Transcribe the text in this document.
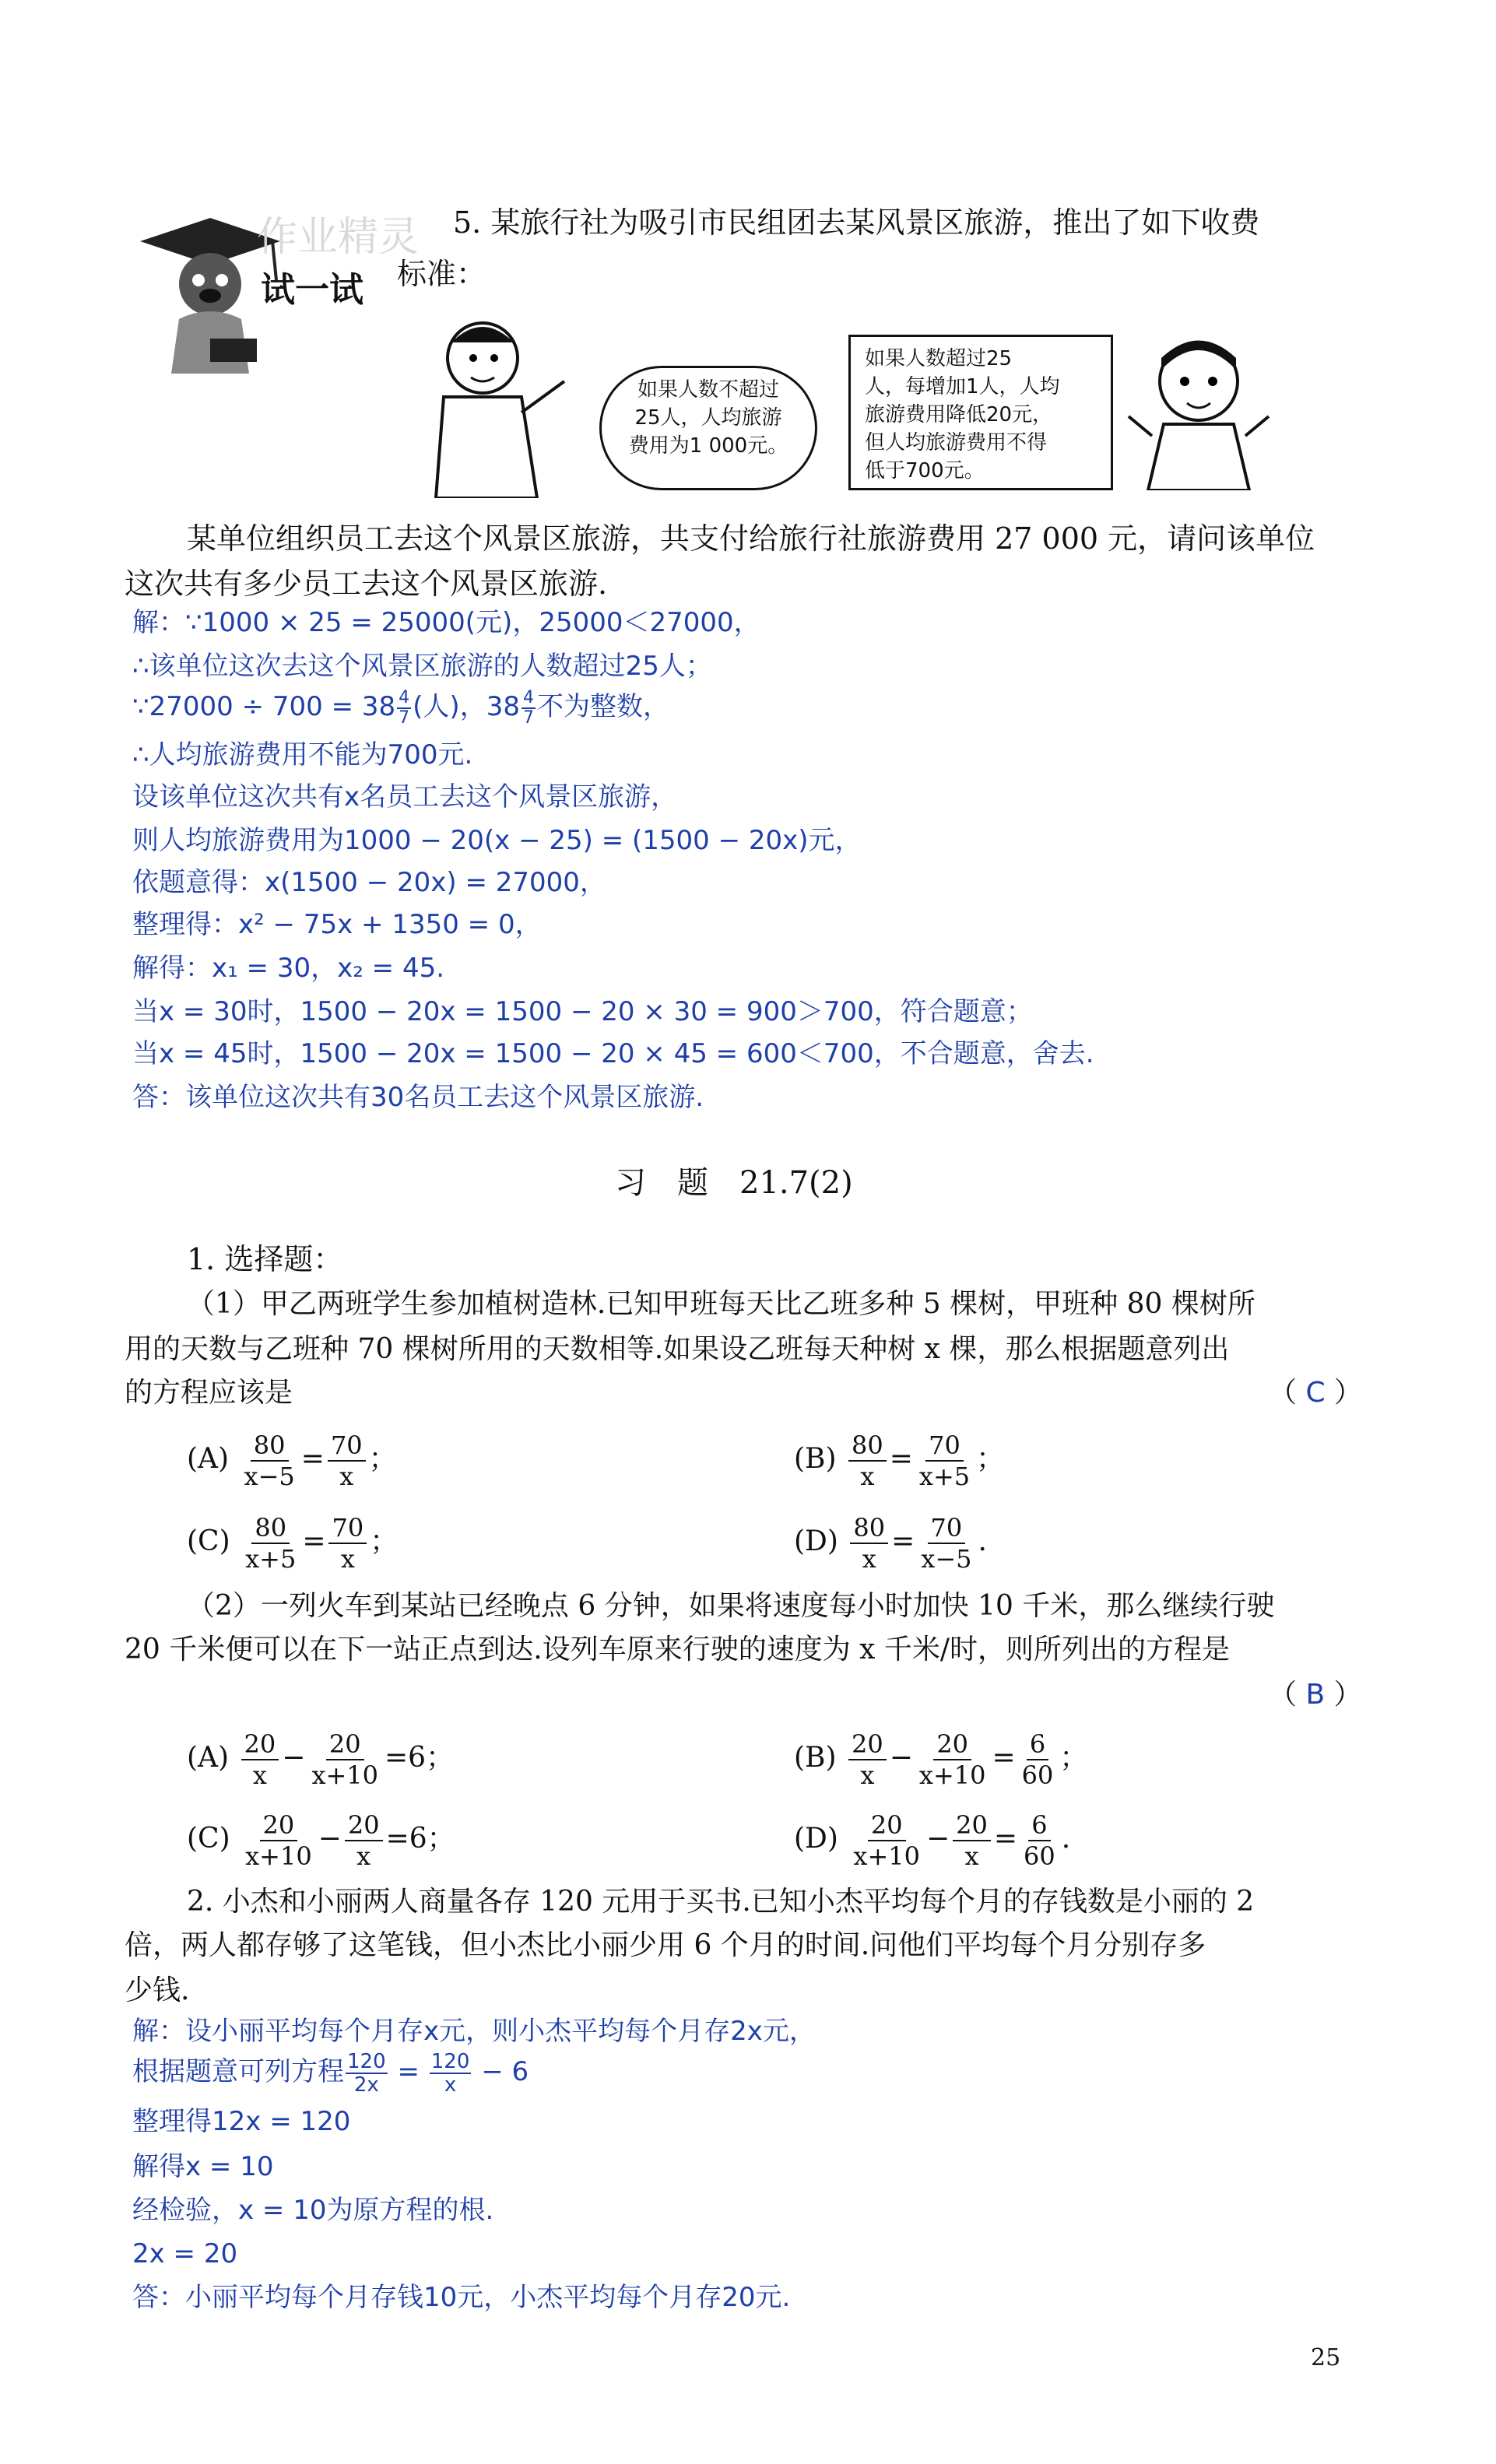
作业精灵
试一试
5. 某旅行社为吸引市民组团去某风景区旅游，推出了如下收费
标准：
如果人数不超过
25人，人均旅游
费用为1 000元。
如果人数超过25
人，每增加1人，人均
旅游费用降低20元，
但人均旅游费用不得
低于700元。
某单位组织员工去这个风景区旅游，共支付给旅行社旅游费用 27 000 元，请问该单位
这次共有多少员工去这个风景区旅游.
解：∵1000 × 25 = 25000(元)，25000＜27000，
∴该单位这次去这个风景区旅游的人数超过25人；
∵27000 ÷ $700 = 38 \frac{4}{7}$ (人)，$38 \frac{4}{7}$ 不为整数，
∴人均旅游费用不能为700元.
设该单位这次共有x名员工去这个风景区旅游，
则人均旅游费用为1000 − 20(x − 25) = (1500 − 20x)元，
依题意得：x(1500 − 20x) = 27000，
整理得：x² − 75x + 1350 = 0，
解得：x₁ = 30，x₂ = 45.
当x = 30时，1500 − 20x = 1500 − 20 × 30 = 900＞700，符合题意；
当x = 45时，1500 − 20x = 1500 − 20 × 45 = 600＜700，不合题意，舍去.
答：该单位这次共有30名员工去这个风景区旅游.
习　题　21.7(2)
1. 选择题：
（1）甲乙两班学生参加植树造林.已知甲班每天比乙班多种 5 棵树，甲班种 80 棵树所
用的天数与乙班种 70 棵树所用的天数相等.如果设乙班每天种树 x 棵，那么根据题意列出
的方程应该是	（ C ）
$(A) \frac{80}{x-5} = \frac{70}{x}$ ；	$(B) \frac{80}{x} = \frac{70}{x+5}$ ；
$(C) \frac{80}{x+5} = \frac{70}{x}$ ；	$(D) \frac{80}{x} = \frac{70}{x-5}$ .
（2）一列火车到某站已经晚点 6 分钟，如果将速度每小时加快 10 千米，那么继续行驶
20 千米便可以在下一站正点到达.设列车原来行驶的速度为 x 千米/时，则所列出的方程是
（ B ）
$(A) \frac{20}{x} - \frac{20}{x+10} =6$；	$(B) \frac{20}{x} - \frac{20}{x+10} = \frac{6}{60}$ ；
$(C) \frac{20}{x+10} - \frac{20}{x} =6$；	$(D) \frac{20}{x+10} - \frac{20}{x} = \frac{6}{60}$ .
2. 小杰和小丽两人商量各存 120 元用于买书.已知小杰平均每个月的存钱数是小丽的 2
倍，两人都存够了这笔钱，但小杰比小丽少用 6 个月的时间.问他们平均每个月分别存多
少钱.
解：设小丽平均每个月存x元，则小杰平均每个月存2x元，
根据题意可列方程 $\frac{120}{2x} = \frac{120}{x} - 6$
整理得12x = 120
解得x = 10
经检验，x = 10为原方程的根.
2x = 20
答：小丽平均每个月存钱10元，小杰平均每个月存20元.
25
